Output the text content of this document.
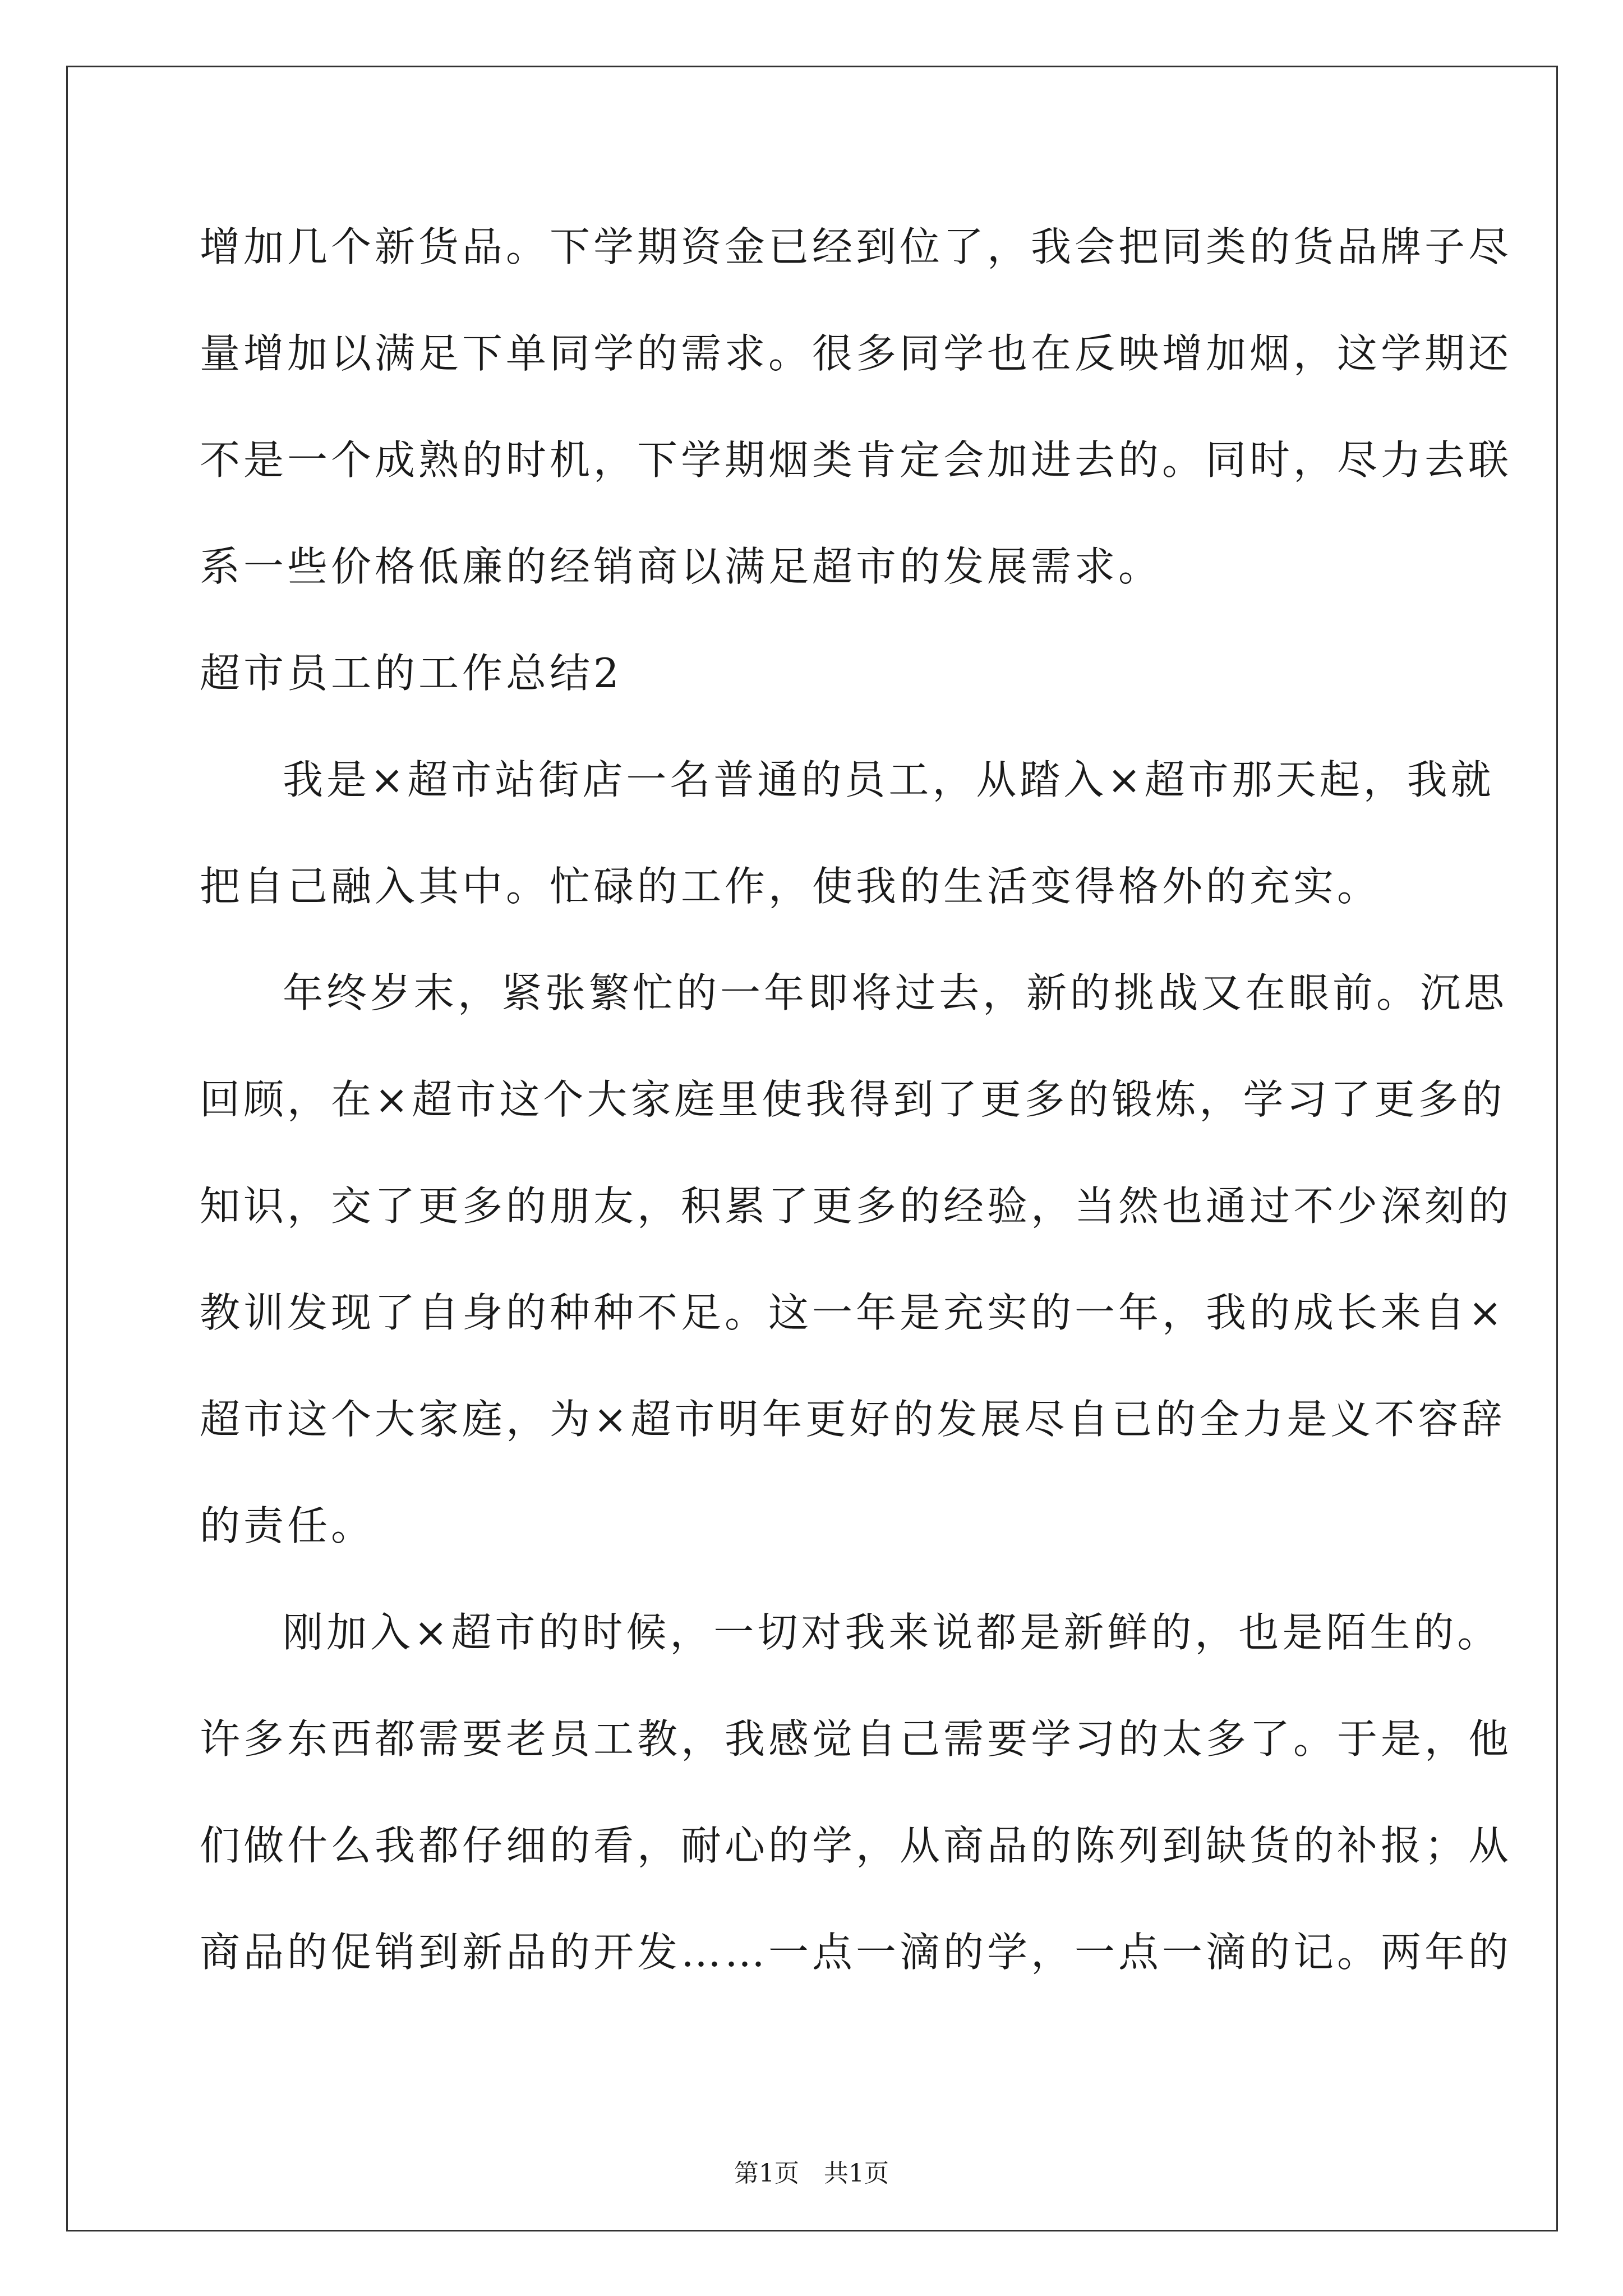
增加几个新货品。下学期资金已经到位了，我会把同类的货品牌子尽
量增加以满足下单同学的需求。很多同学也在反映增加烟，这学期还
不是一个成熟的时机，下学期烟类肯定会加进去的。同时，尽力去联
系一些价格低廉的经销商以满足超市的发展需求。
超市员工的工作总结2
我是×超市站街店一名普通的员工，从踏入×超市那天起，我就
把自己融入其中。忙碌的工作，使我的生活变得格外的充实。
年终岁末，紧张繁忙的一年即将过去，新的挑战又在眼前。沉思
回顾，在×超市这个大家庭里使我得到了更多的锻炼，学习了更多的
知识，交了更多的朋友，积累了更多的经验，当然也通过不少深刻的
教训发现了自身的种种不足。这一年是充实的一年，我的成长来自×
超市这个大家庭，为×超市明年更好的发展尽自已的全力是义不容辞
的责任。
刚加入×超市的时候，一切对我来说都是新鲜的，也是陌生的。
许多东西都需要老员工教，我感觉自己需要学习的太多了。于是，他
们做什么我都仔细的看，耐心的学，从商品的陈列到缺货的补报；从
商品的促销到新品的开发……一点一滴的学，一点一滴的记。两年的
第1页 共1页
